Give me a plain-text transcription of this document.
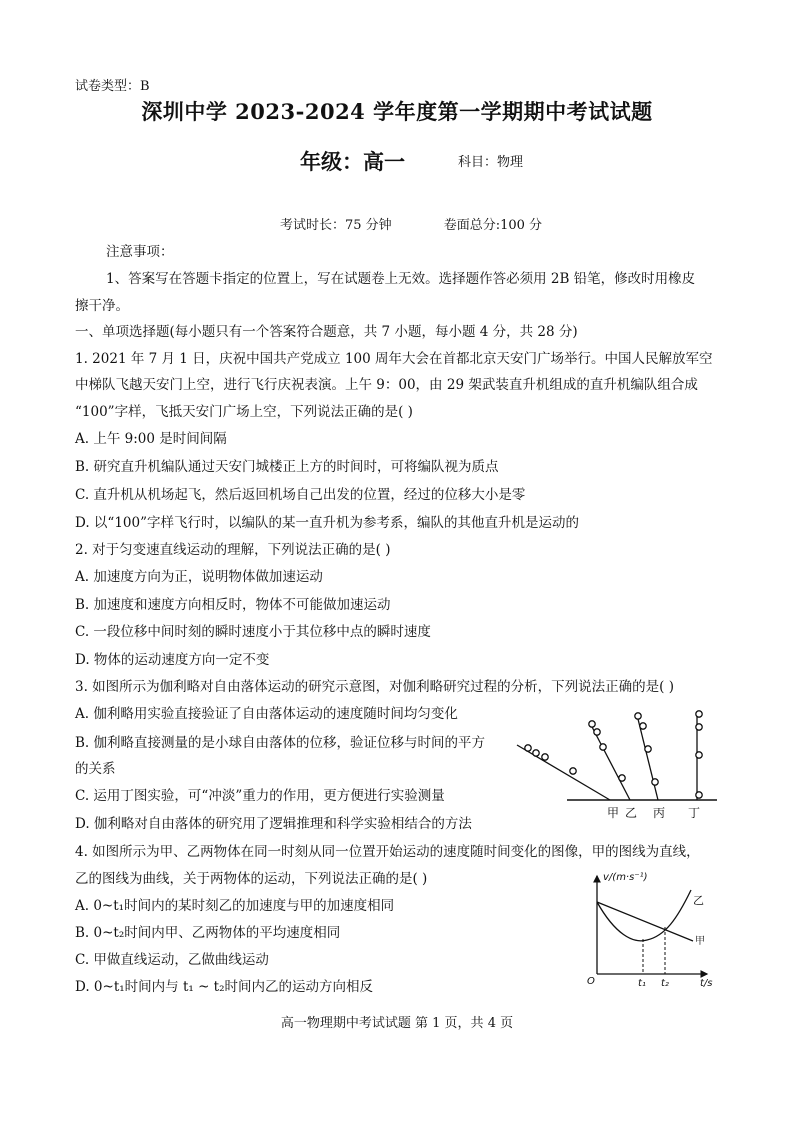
试卷类型：B
深圳中学 2023-2024 学年度第一学期期中考试试题
年级：高一	科目：物理
考试时长：75 分钟	卷面总分:100 分
注意事项：
1、答案写在答题卡指定的位置上，写在试题卷上无效。选择题作答必须用 2B 铅笔，修改时用橡皮
擦干净。
一、单项选择题(每小题只有一个答案符合题意，共 7 小题，每小题 4 分，共 28 分)
1. 2021 年 7 月 1 日，庆祝中国共产党成立 100 周年大会在首都北京天安门广场举行。中国人民解放军空
中梯队飞越天安门上空，进行飞行庆祝表演。上午 9：00，由 29 架武装直升机组成的直升机编队组合成
“100”字样，飞抵天安门广场上空，下列说法正确的是( )
A. 上午 9:00 是时间间隔
B. 研究直升机编队通过天安门城楼正上方的时间时，可将编队视为质点
C. 直升机从机场起飞，然后返回机场自己出发的位置，经过的位移大小是零
D. 以“100”字样飞行时，以编队的某一直升机为参考系，编队的其他直升机是运动的
2. 对于匀变速直线运动的理解，下列说法正确的是( )
A. 加速度方向为正，说明物体做加速运动
B. 加速度和速度方向相反时，物体不可能做加速运动
C. 一段位移中间时刻的瞬时速度小于其位移中点的瞬时速度
D. 物体的运动速度方向一定不变
3. 如图所示为伽利略对自由落体运动的研究示意图，对伽利略研究过程的分析，下列说法正确的是( )
A. 伽利略用实验直接验证了自由落体运动的速度随时间均匀变化
B. 伽利略直接测量的是小球自由落体的位移，验证位移与时间的平方
的关系
C. 运用丁图实验，可“冲淡”重力的作用，更方便进行实验测量
D. 伽利略对自由落体的研究用了逻辑推理和科学实验相结合的方法
甲 乙 丙 丁
4. 如图所示为甲、乙两物体在同一时刻从同一位置开始运动的速度随时间变化的图像，甲的图线为直线，
乙的图线为曲线，关于两物体的运动，下列说法正确的是( )
A. 0~t₁时间内的某时刻乙的加速度与甲的加速度相同
B. 0~t₂时间内甲、乙两物体的平均速度相同
C. 甲做直线运动，乙做曲线运动
D. 0~t₁时间内与 t₁ ~ t₂时间内乙的运动方向相反
v/(m·s⁻¹)
t/s
O	t₁ t₂
乙
甲
高一物理期中考试试题 第 1 页，共 4 页
